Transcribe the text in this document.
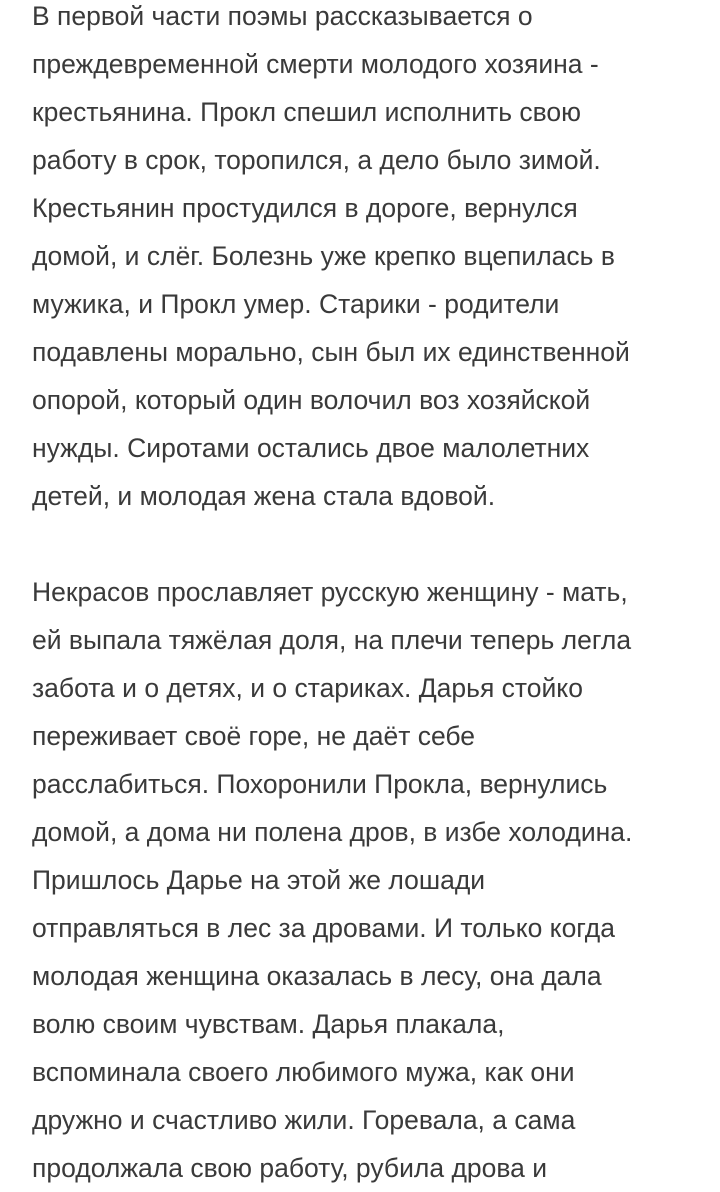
В первой части поэмы рассказывается о
преждевременной смерти молодого хозяина -
крестьянина. Прокл спешил исполнить свою
работу в срок, торопился, а дело было зимой.
Крестьянин простудился в дороге, вернулся
домой, и слёг. Болезнь уже крепко вцепилась в
мужика, и Прокл умер. Старики - родители
подавлены морально, сын был их единственной
опорой, который один волочил воз хозяйской
нужды. Сиротами остались двое малолетних
детей, и молодая жена стала вдовой.
Некрасов прославляет русскую женщину - мать,
ей выпала тяжёлая доля, на плечи теперь легла
забота и о детях, и о стариках. Дарья стойко
переживает своё горе, не даёт себе
расслабиться. Похоронили Прокла, вернулись
домой, а дома ни полена дров, в избе холодина.
Пришлось Дарье на этой же лошади
отправляться в лес за дровами. И только когда
молодая женщина оказалась в лесу, она дала
волю своим чувствам. Дарья плакала,
вспоминала своего любимого мужа, как они
дружно и счастливо жили. Горевала, а сама
продолжала свою работу, рубила дрова и
